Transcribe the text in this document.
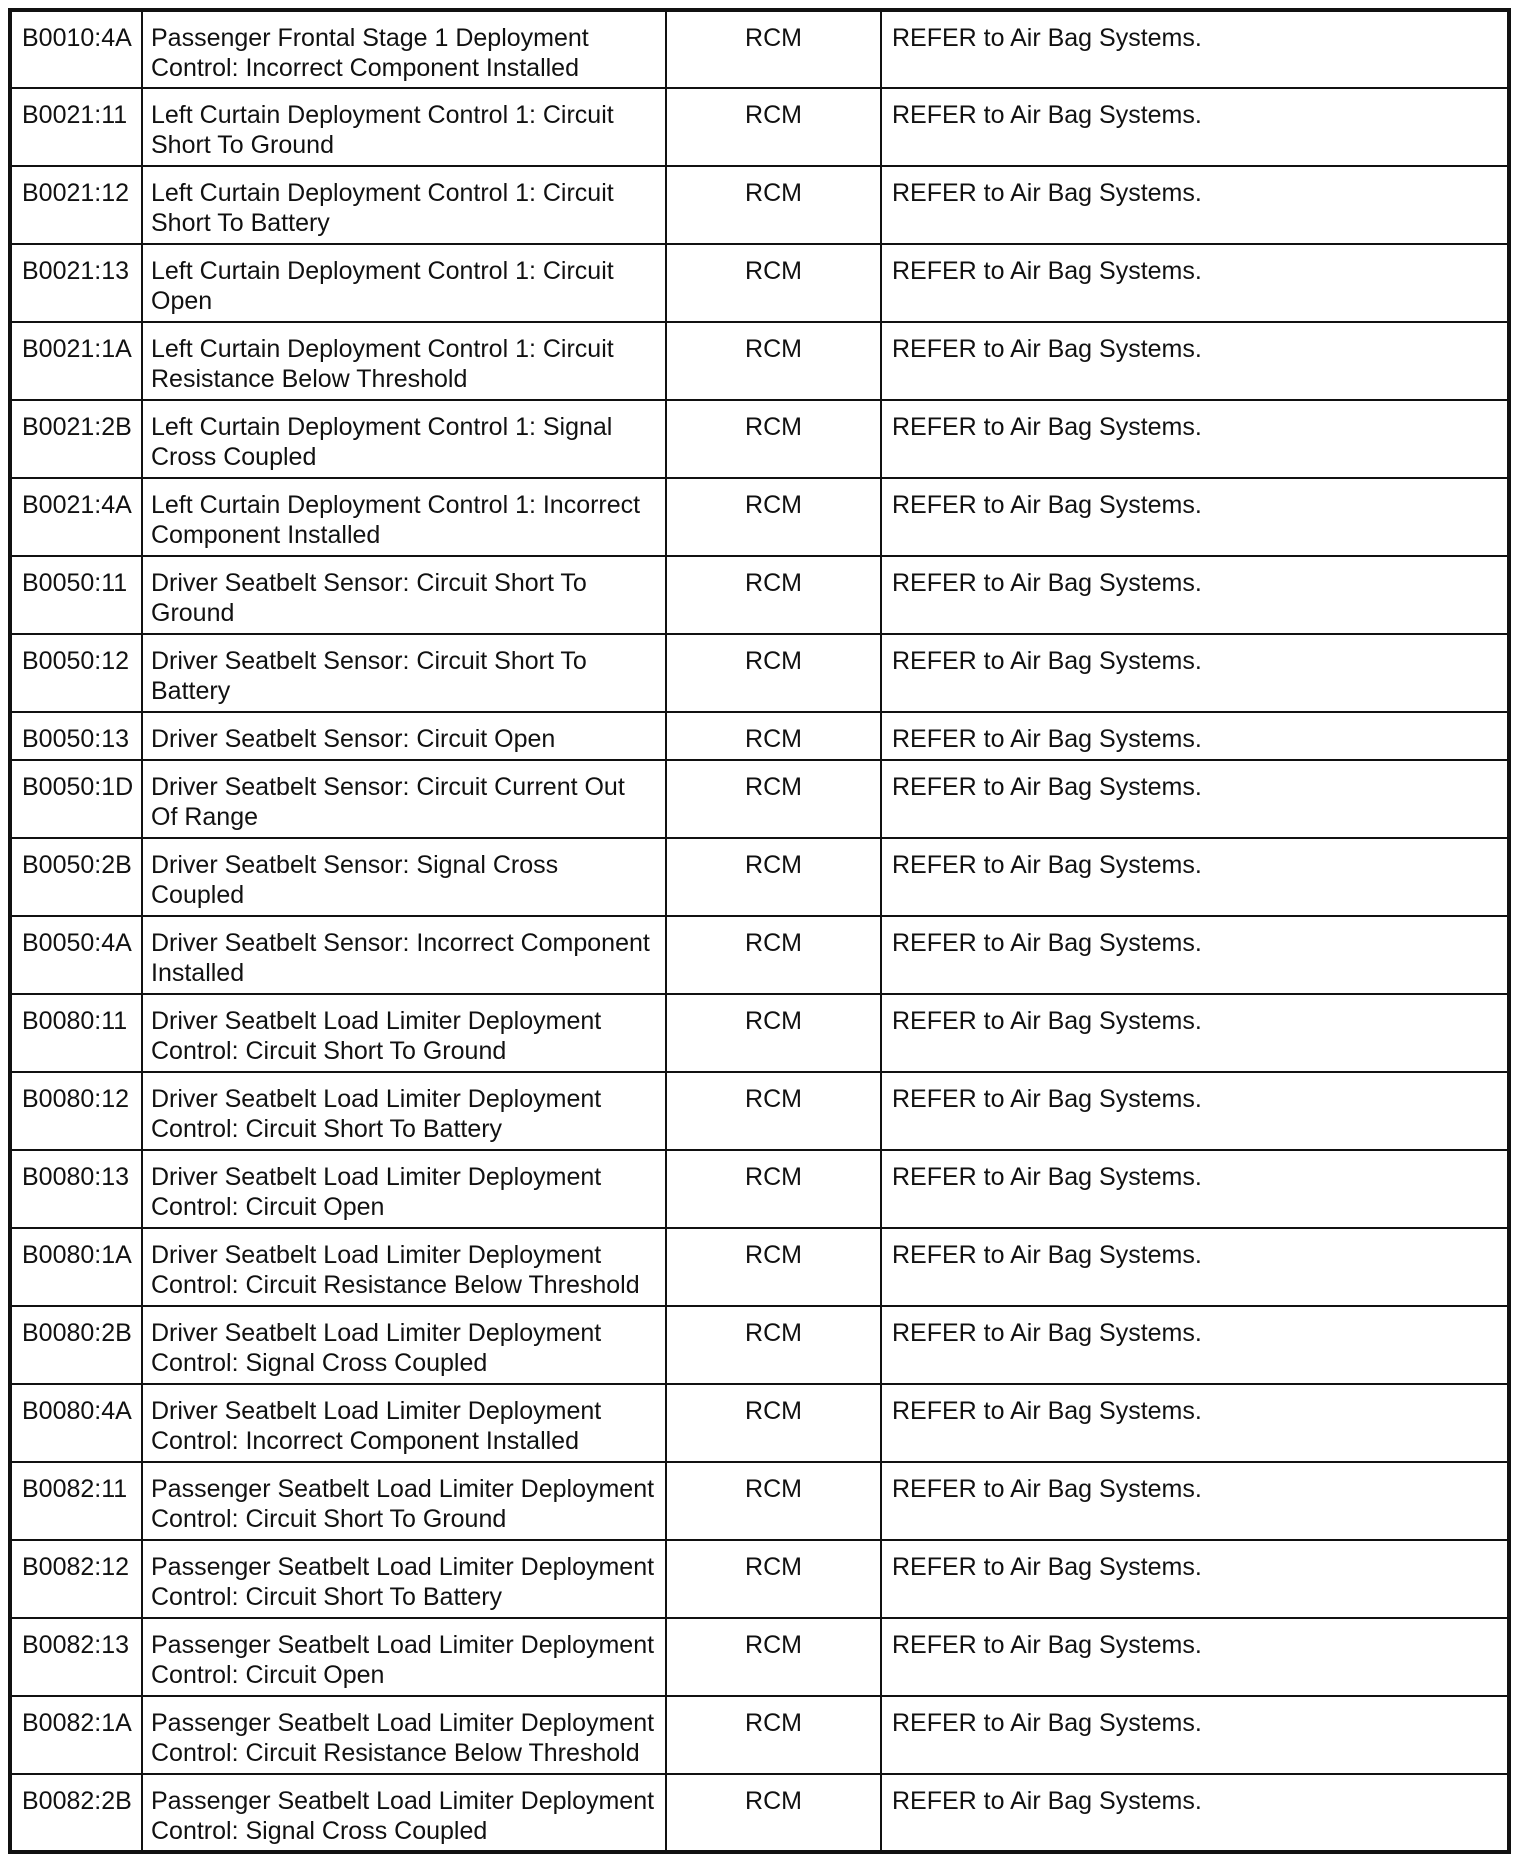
B0010:4A	Passenger Frontal Stage 1 Deployment Control: Incorrect Component Installed	RCM	REFER to Air Bag Systems.
B0021:11	Left Curtain Deployment Control 1: Circuit Short To Ground	RCM	REFER to Air Bag Systems.
B0021:12	Left Curtain Deployment Control 1: Circuit Short To Battery	RCM	REFER to Air Bag Systems.
B0021:13	Left Curtain Deployment Control 1: Circuit Open	RCM	REFER to Air Bag Systems.
B0021:1A	Left Curtain Deployment Control 1: Circuit Resistance Below Threshold	RCM	REFER to Air Bag Systems.
B0021:2B	Left Curtain Deployment Control 1: Signal Cross Coupled	RCM	REFER to Air Bag Systems.
B0021:4A	Left Curtain Deployment Control 1: Incorrect Component Installed	RCM	REFER to Air Bag Systems.
B0050:11	Driver Seatbelt Sensor: Circuit Short To Ground	RCM	REFER to Air Bag Systems.
B0050:12	Driver Seatbelt Sensor: Circuit Short To Battery	RCM	REFER to Air Bag Systems.
B0050:13	Driver Seatbelt Sensor: Circuit Open	RCM	REFER to Air Bag Systems.
B0050:1D	Driver Seatbelt Sensor: Circuit Current Out Of Range	RCM	REFER to Air Bag Systems.
B0050:2B	Driver Seatbelt Sensor: Signal Cross Coupled	RCM	REFER to Air Bag Systems.
B0050:4A	Driver Seatbelt Sensor: Incorrect Component Installed	RCM	REFER to Air Bag Systems.
B0080:11	Driver Seatbelt Load Limiter Deployment Control: Circuit Short To Ground	RCM	REFER to Air Bag Systems.
B0080:12	Driver Seatbelt Load Limiter Deployment Control: Circuit Short To Battery	RCM	REFER to Air Bag Systems.
B0080:13	Driver Seatbelt Load Limiter Deployment Control: Circuit Open	RCM	REFER to Air Bag Systems.
B0080:1A	Driver Seatbelt Load Limiter Deployment Control: Circuit Resistance Below Threshold	RCM	REFER to Air Bag Systems.
B0080:2B	Driver Seatbelt Load Limiter Deployment Control: Signal Cross Coupled	RCM	REFER to Air Bag Systems.
B0080:4A	Driver Seatbelt Load Limiter Deployment Control: Incorrect Component Installed	RCM	REFER to Air Bag Systems.
B0082:11	Passenger Seatbelt Load Limiter Deployment Control: Circuit Short To Ground	RCM	REFER to Air Bag Systems.
B0082:12	Passenger Seatbelt Load Limiter Deployment Control: Circuit Short To Battery	RCM	REFER to Air Bag Systems.
B0082:13	Passenger Seatbelt Load Limiter Deployment Control: Circuit Open	RCM	REFER to Air Bag Systems.
B0082:1A	Passenger Seatbelt Load Limiter Deployment Control: Circuit Resistance Below Threshold	RCM	REFER to Air Bag Systems.
B0082:2B	Passenger Seatbelt Load Limiter Deployment Control: Signal Cross Coupled	RCM	REFER to Air Bag Systems.
